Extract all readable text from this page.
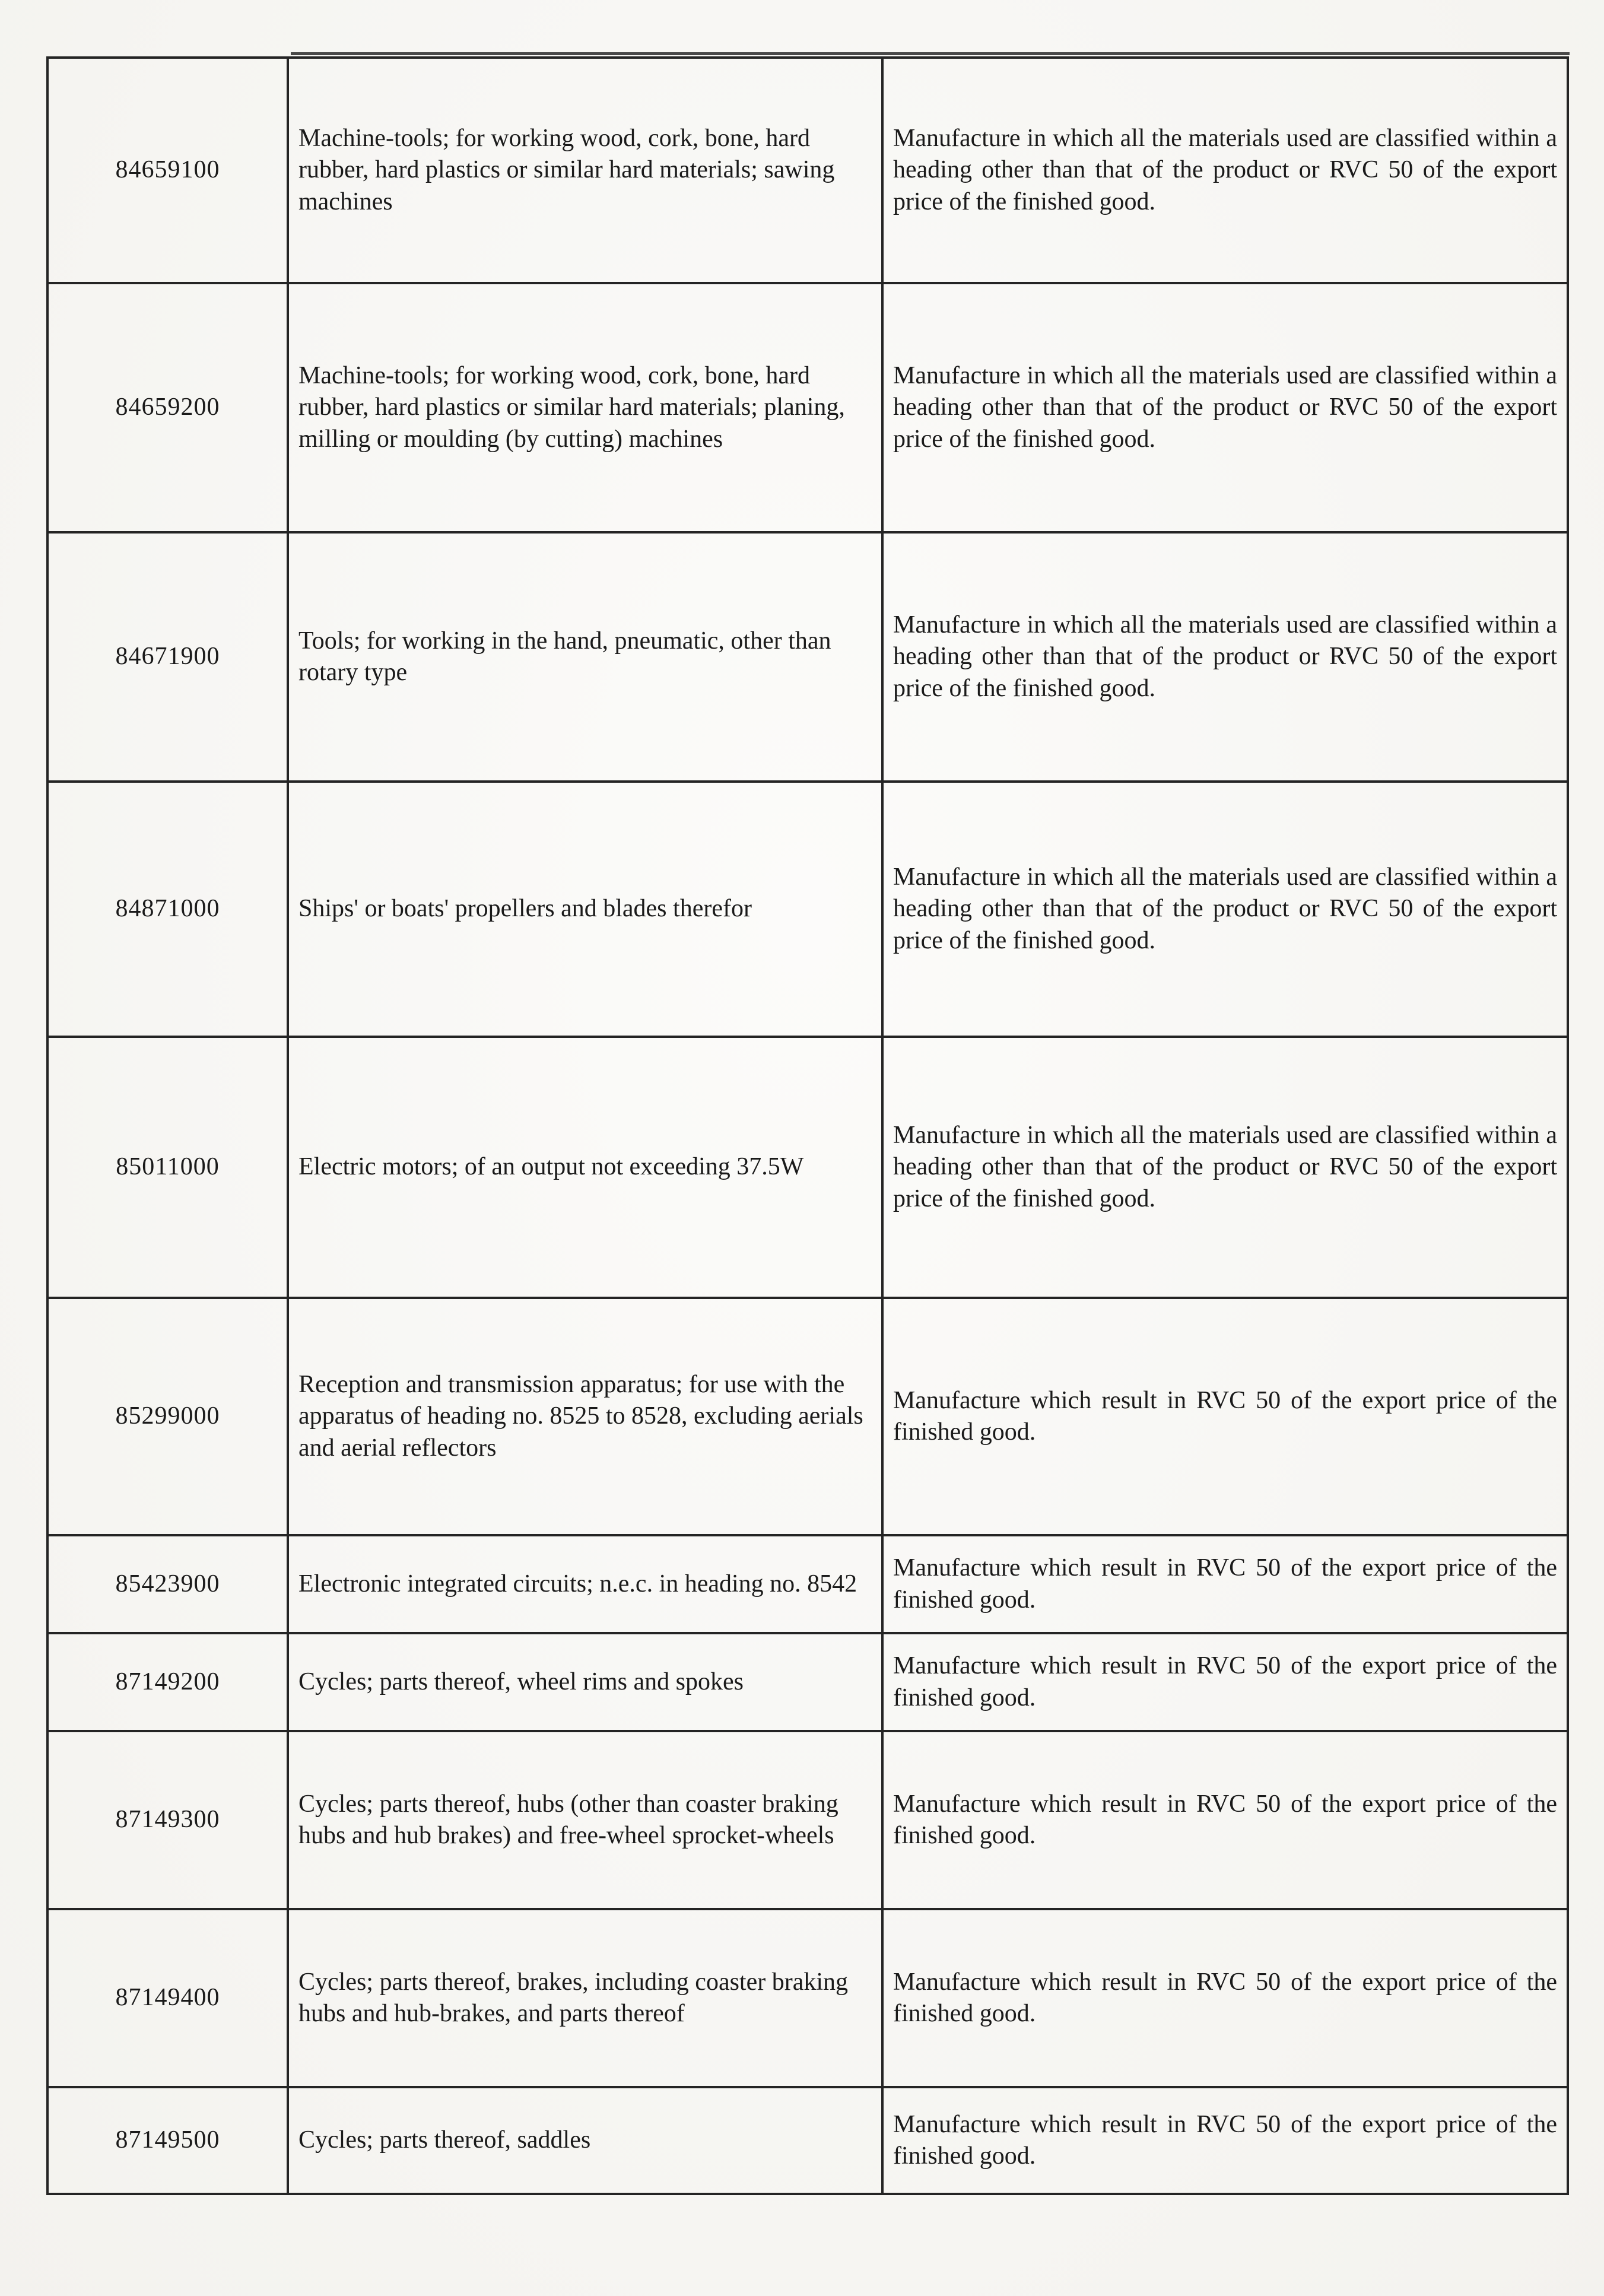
84659100	Machine-tools; for working wood, cork, bone, hard rubber, hard plastics or similar hard materials; sawing machines	Manufacture in which all the materials used are classified within a heading other than that of the product or RVC 50 of the export price of the finished good.
84659200	Machine-tools; for working wood, cork, bone, hard rubber, hard plastics or similar hard materials; planing, milling or moulding (by cutting) machines	Manufacture in which all the materials used are classified within a heading other than that of the product or RVC 50 of the export price of the finished good.
84671900	Tools; for working in the hand, pneumatic, other than rotary type	Manufacture in which all the materials used are classified within a heading other than that of the product or RVC 50 of the export price of the finished good.
84871000	Ships' or boats' propellers and blades therefor	Manufacture in which all the materials used are classified within a heading other than that of the product or RVC 50 of the export price of the finished good.
85011000	Electric motors; of an output not exceeding 37.5W	Manufacture in which all the materials used are classified within a heading other than that of the product or RVC 50 of the export price of the finished good.
85299000	Reception and transmission apparatus; for use with the apparatus of heading no. 8525 to 8528, excluding aerials and aerial reflectors	Manufacture which result in RVC 50 of the export price of the finished good.
85423900	Electronic integrated circuits; n.e.c. in heading no. 8542	Manufacture which result in RVC 50 of the export price of the finished good.
87149200	Cycles; parts thereof, wheel rims and spokes	Manufacture which result in RVC 50 of the export price of the finished good.
87149300	Cycles; parts thereof, hubs (other than coaster braking hubs and hub brakes) and free-wheel sprocket-wheels	Manufacture which result in RVC 50 of the export price of the finished good.
87149400	Cycles; parts thereof, brakes, including coaster braking hubs and hub-brakes, and parts thereof	Manufacture which result in RVC 50 of the export price of the finished good.
87149500	Cycles; parts thereof, saddles	Manufacture which result in RVC 50 of the export price of the finished good.
